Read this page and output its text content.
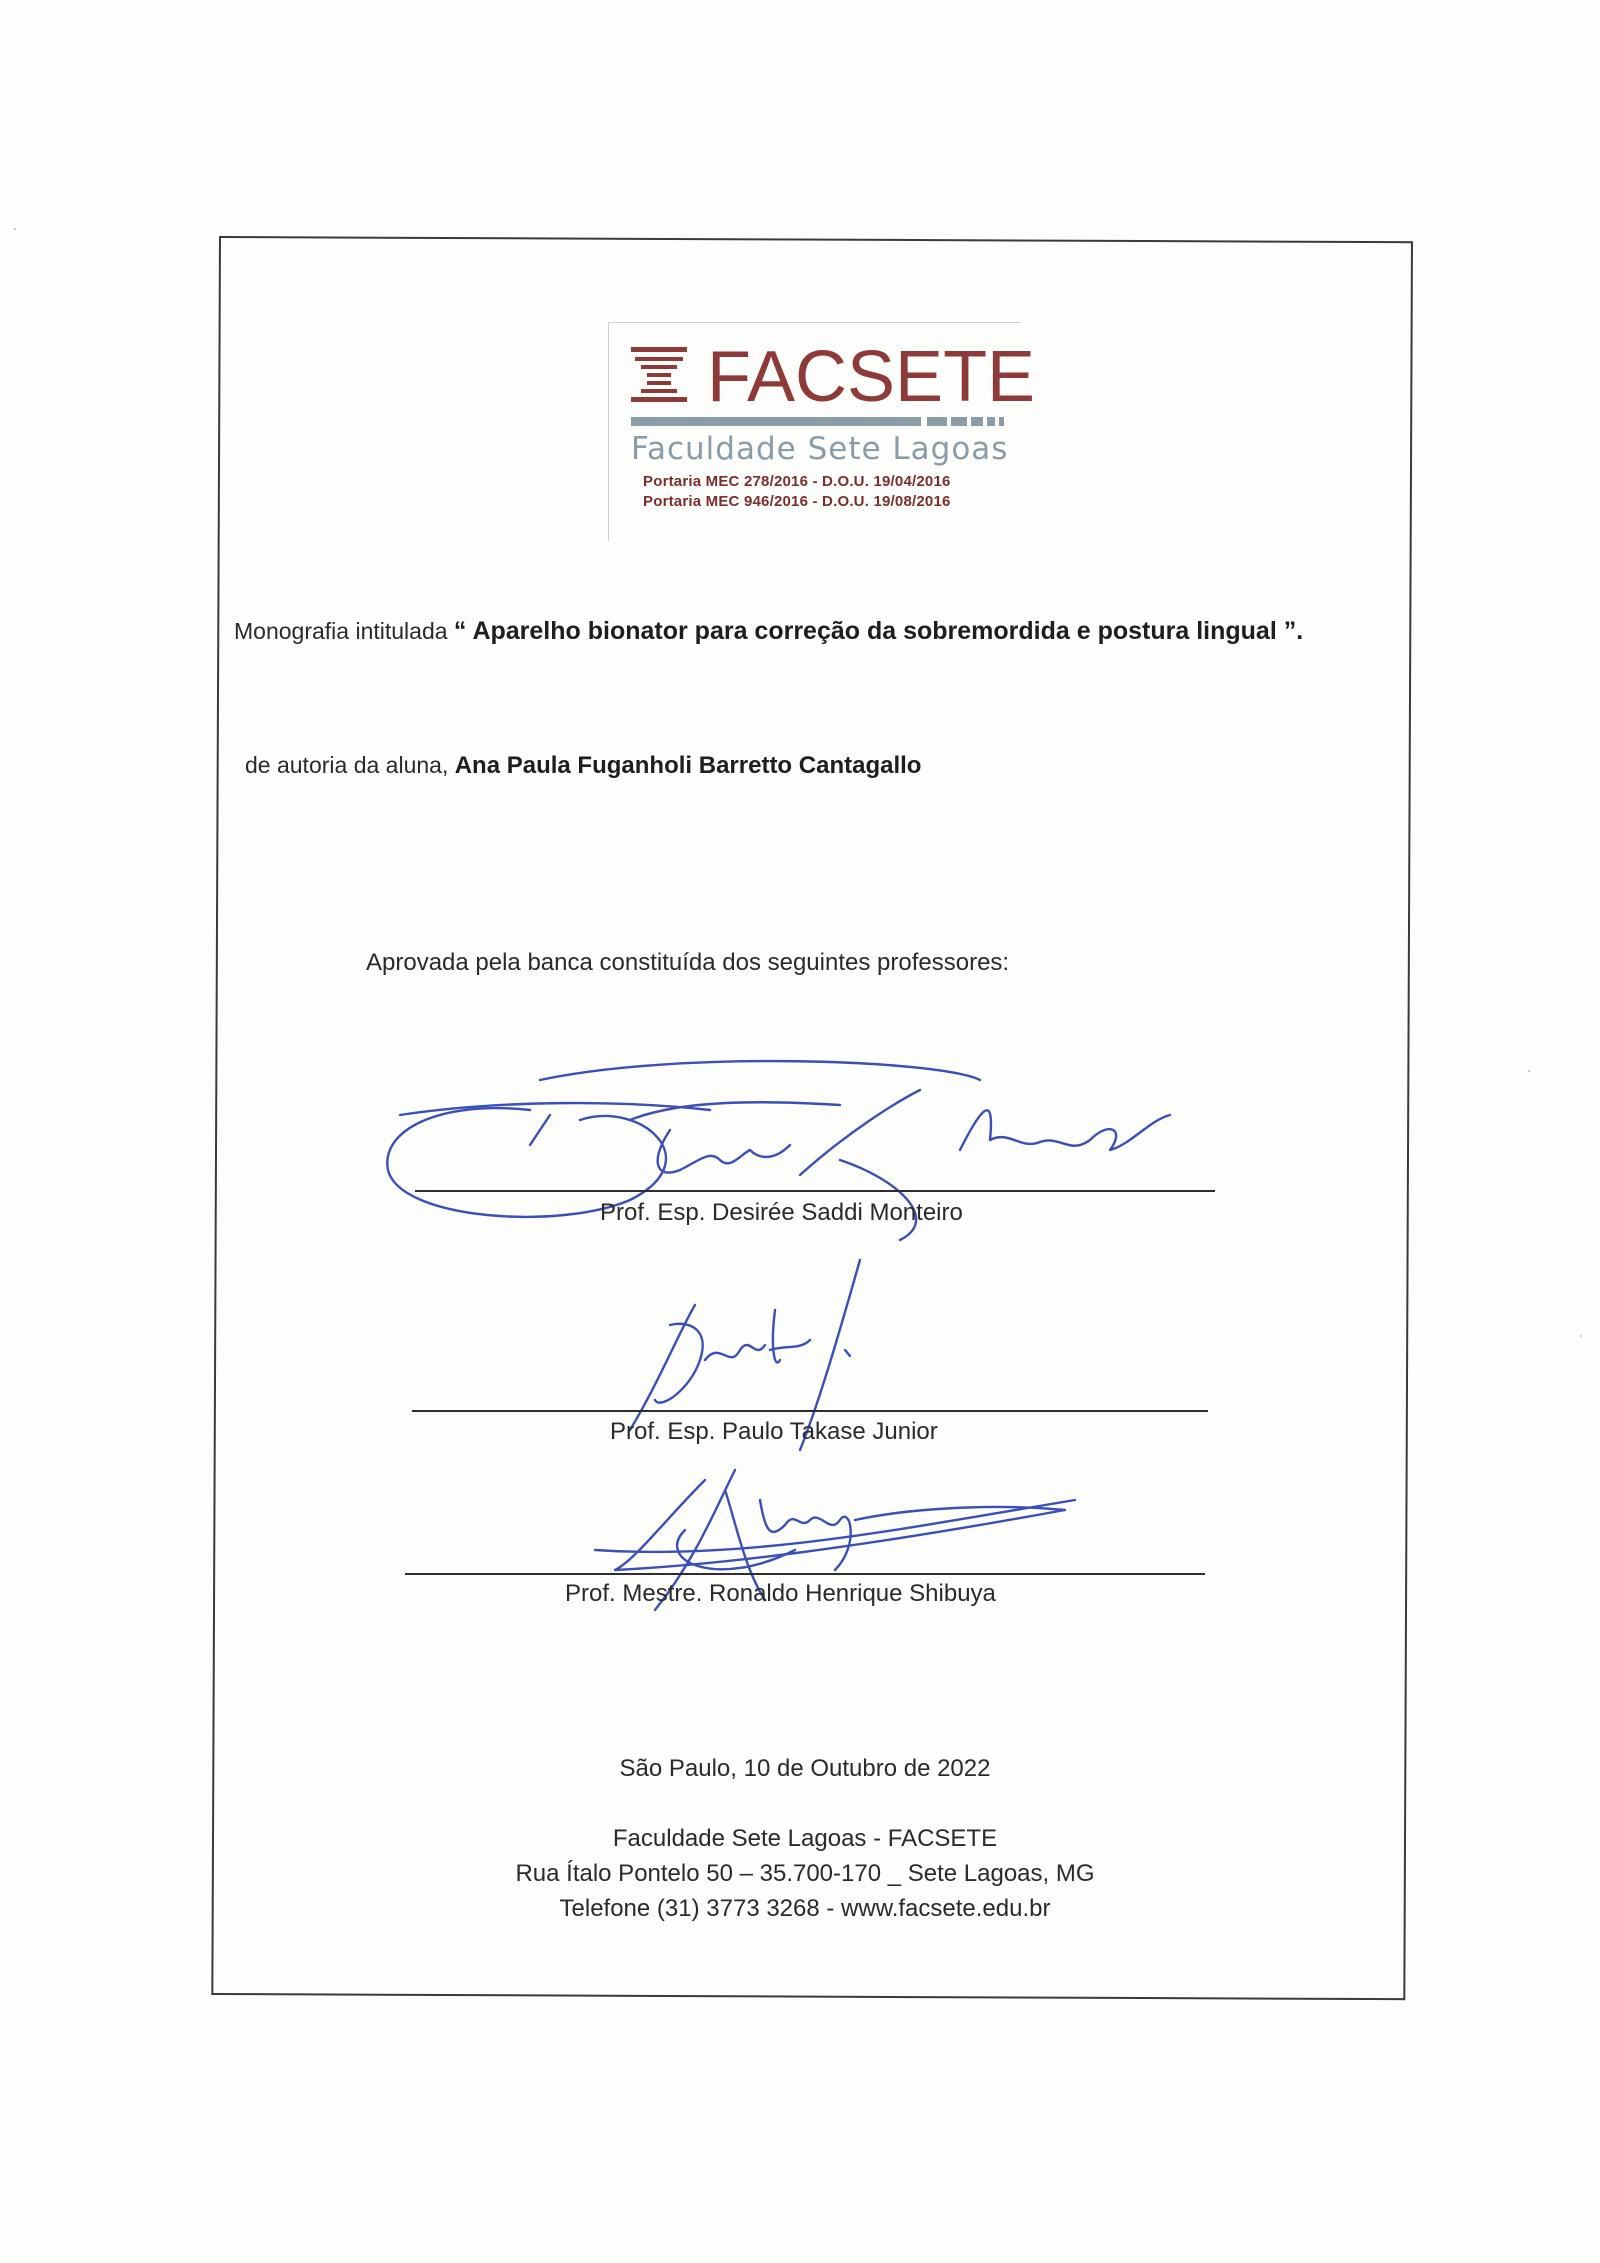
FACSETE
Faculdade Sete Lagoas
Portaria MEC 278/2016 - D.O.U. 19/04/2016
Portaria MEC 946/2016 - D.O.U. 19/08/2016
Monografia intitulada “ Aparelho bionator para correção da sobremordida e postura lingual ”.
de autoria da aluna, Ana Paula Fuganholi Barretto Cantagallo
Aprovada pela banca constituída dos seguintes professores:
Prof. Esp. Desirée Saddi Monteiro
Prof. Esp. Paulo Takase Junior
Prof. Mestre. Ronaldo Henrique Shibuya
São Paulo, 10 de Outubro de 2022
Faculdade Sete Lagoas - FACSETE
Rua Ítalo Pontelo 50 – 35.700-170 _ Sete Lagoas, MG
Telefone (31) 3773 3268 - www.facsete.edu.br
